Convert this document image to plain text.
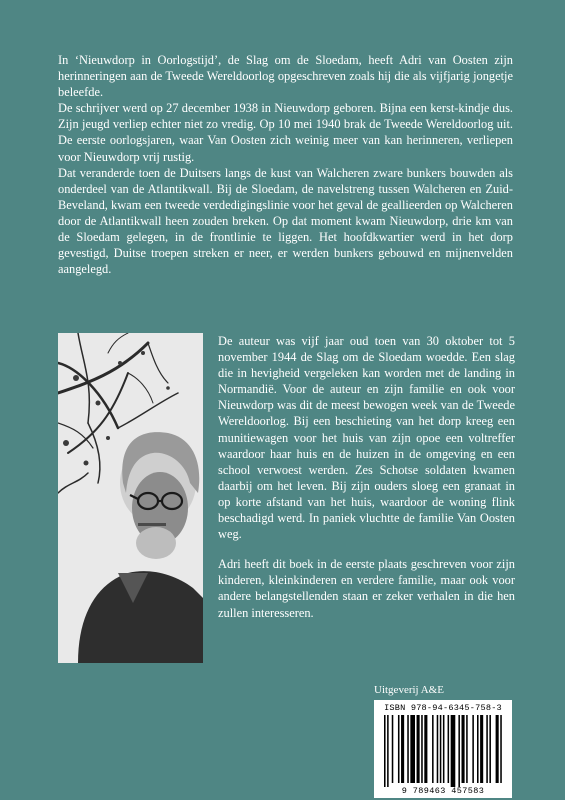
In ‘Nieuwdorp in Oorlogstijd’, de Slag om de Sloedam, heeft Adri van Oosten zijn herinneringen aan de Tweede Wereldoorlog opgeschreven zoals hij die als vijfjarig jongetje beleefde.

De schrijver werd op 27 december 1938 in Nieuwdorp geboren. Bijna een kerst-kindje dus. Zijn jeugd verliep echter niet zo vredig. Op 10 mei 1940 brak de Tweede Wereldoorlog uit. De eerste oorlogsjaren, waar Van Oosten zich weinig meer van kan herinneren, verliepen voor Nieuwdorp vrij rustig.

Dat veranderde toen de Duitsers langs de kust van Walcheren zware bunkers bouwden als onderdeel van de Atlantikwall. Bij de Sloedam, de navelstreng tussen Walcheren en Zuid-Beveland, kwam een tweede verdedigingslinie voor het geval de geallieerden op Walcheren door de Atlantikwall heen zouden breken. Op dat moment kwam Nieuwdorp, drie km van de Sloedam gelegen, in de frontlinie te liggen. Het hoofdkwartier werd in het dorp gevestigd, Duitse troepen streken er neer, er werden bunkers gebouwd en mijnenvelden aangelegd.

De auteur was vijf jaar oud toen van 30 oktober tot 5 november 1944 de Slag om de Sloedam woedde. Een slag die in hevigheid vergeleken kan worden met de landing in Normandië. Voor de auteur en zijn familie en ook voor Nieuwdorp was dit de meest bewogen week van de Tweede Wereldoorlog. Bij een beschieting van het dorp kreeg een munitiewagen voor het huis van zijn opoe een voltreffer waardoor haar huis en de huizen in de omgeving en een school verwoest werden. Zes Schotse soldaten kwamen daarbij om het leven. Bij zijn ouders sloeg een granaat in op korte afstand van het huis, waardoor de woning flink beschadigd werd. In paniek vluchtte de familie Van Oosten weg.

Adri heeft dit boek in de eerste plaats geschreven voor zijn kinderen, kleinkinderen en verdere familie, maar ook voor andere belangstellenden staan er zeker verhalen in die hen zullen interesseren.

Uitgeverij A&E
ISBN 978-94-6345-758-3
9 789463 457583
